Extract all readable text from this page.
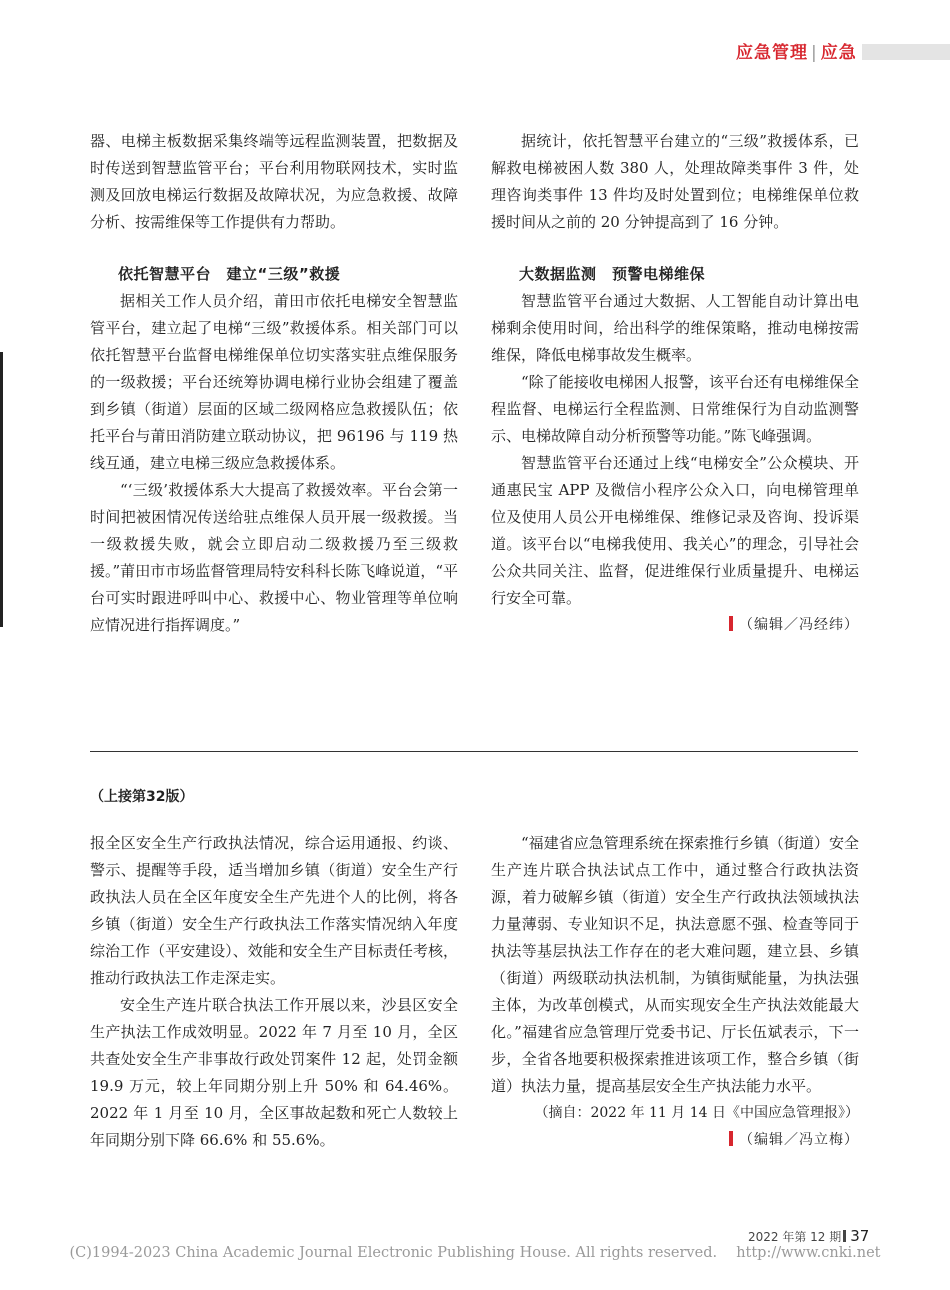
应急管理 | 应急

器、电梯主板数据采集终端等远程监测装置，把数据及时传送到智慧监管平台；平台利用物联网技术，实时监测及回放电梯运行数据及故障状况，为应急救援、故障分析、按需维保等工作提供有力帮助。

依托智慧平台　建立“三级”救援

据相关工作人员介绍，莆田市依托电梯安全智慧监管平台，建立起了电梯“三级”救援体系。相关部门可以依托智慧平台监督电梯维保单位切实落实驻点维保服务的一级救援；平台还统筹协调电梯行业协会组建了覆盖到乡镇（街道）层面的区域二级网格应急救援队伍；依托平台与莆田消防建立联动协议，把 96196 与 119 热线互通，建立电梯三级应急救援体系。

“‘三级’救援体系大大提高了救援效率。平台会第一时间把被困情况传送给驻点维保人员开展一级救援。当一级救援失败，就会立即启动二级救援乃至三级救援。”莆田市市场监督管理局特安科科长陈飞峰说道，“平台可实时跟进呼叫中心、救援中心、物业管理等单位响应情况进行指挥调度。”

据统计，依托智慧平台建立的“三级”救援体系，已解救电梯被困人数 380 人，处理故障类事件 3 件，处理咨询类事件 13 件均及时处置到位；电梯维保单位救援时间从之前的 20 分钟提高到了 16 分钟。

大数据监测　预警电梯维保

智慧监管平台通过大数据、人工智能自动计算出电梯剩余使用时间，给出科学的维保策略，推动电梯按需维保，降低电梯事故发生概率。

“除了能接收电梯困人报警，该平台还有电梯维保全程监督、电梯运行全程监测、日常维保行为自动监测警示、电梯故障自动分析预警等功能。”陈飞峰强调。

智慧监管平台还通过上线“电梯安全”公众模块、开通惠民宝 APP 及微信小程序公众入口，向电梯管理单位及使用人员公开电梯维保、维修记录及咨询、投诉渠道。该平台以“电梯我使用、我关心”的理念，引导社会公众共同关注、监督，促进维保行业质量提升、电梯运行安全可靠。

（编辑／冯经纬）

（上接第32版）

报全区安全生产行政执法情况，综合运用通报、约谈、警示、提醒等手段，适当增加乡镇（街道）安全生产行政执法人员在全区年度安全生产先进个人的比例，将各乡镇（街道）安全生产行政执法工作落实情况纳入年度综治工作（平安建设）、效能和安全生产目标责任考核，推动行政执法工作走深走实。

安全生产连片联合执法工作开展以来，沙县区安全生产执法工作成效明显。2022 年 7 月至 10 月，全区共查处安全生产非事故行政处罚案件 12 起，处罚金额 19.9 万元，较上年同期分别上升 50% 和 64.46%。2022 年 1 月至 10 月，全区事故起数和死亡人数较上年同期分别下降 66.6% 和 55.6%。

“福建省应急管理系统在探索推行乡镇（街道）安全生产连片联合执法试点工作中，通过整合行政执法资源，着力破解乡镇（街道）安全生产行政执法领域执法力量薄弱、专业知识不足，执法意愿不强、检查等同于执法等基层执法工作存在的老大难问题，建立县、乡镇（街道）两级联动执法机制，为镇街赋能量，为执法强主体，为改革创模式，从而实现安全生产执法效能最大化。”福建省应急管理厅党委书记、厅长伍斌表示，下一步，全省各地要积极探索推进该项工作，整合乡镇（街道）执法力量，提高基层安全生产执法能力水平。

（摘自：2022 年 11 月 14 日《中国应急管理报》）

（编辑／冯立梅）

2022 年第 12 期 37
(C)1994-2023 China Academic Journal Electronic Publishing House. All rights reserved.　 http://www.cnki.net
